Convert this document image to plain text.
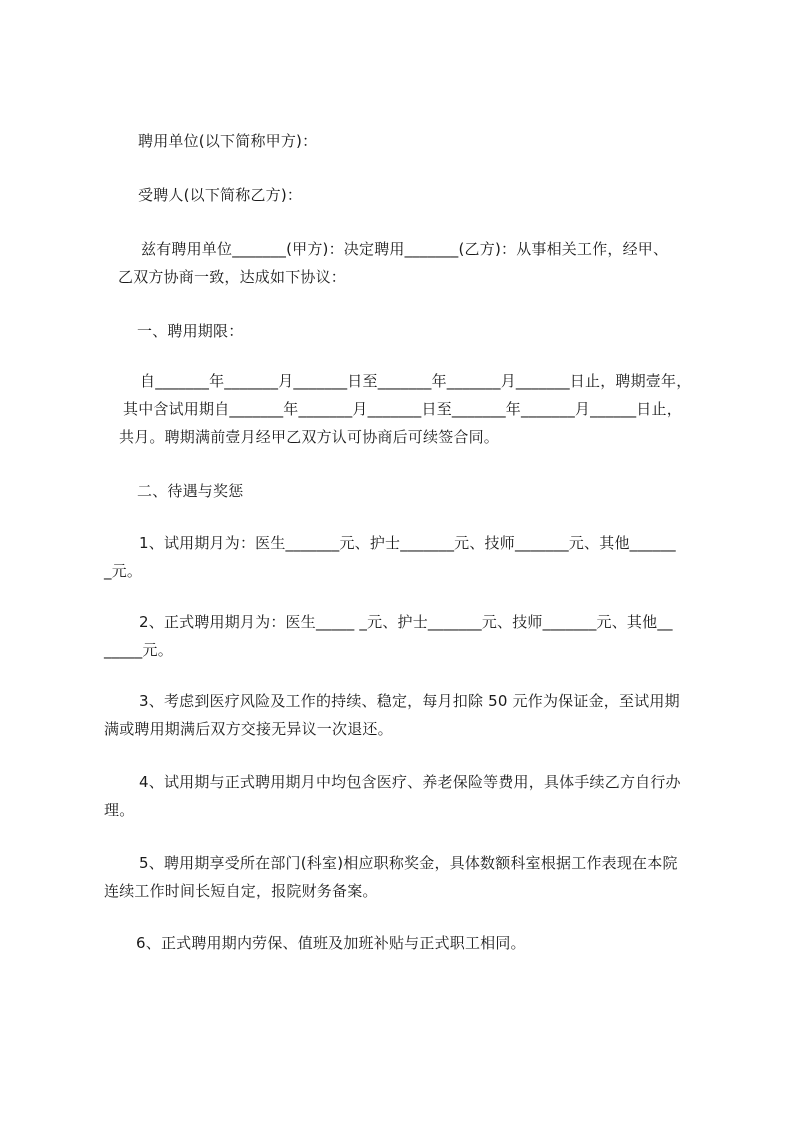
聘用单位(以下简称甲方)：
受聘人(以下简称乙方)：
兹有聘用单位_______(甲方)：决定聘用_______(乙方)：从事相关工作，经甲、
乙双方协商一致，达成如下协议：
一、聘用期限：
自_______年_______月_______日至_______年_______月_______日止，聘期壹年，
其中含试用期自_______年_______月_______日至_______年_______月______日止，
共月。聘期满前壹月经甲乙双方认可协商后可续签合同。
二、待遇与奖惩
1、试用期月为：医生_______元、护士_______元、技师_______元、其他______
_元。
2、正式聘用期月为：医生_____ _元、护士_______元、技师_______元、其他__
_____元。
3、考虑到医疗风险及工作的持续、稳定，每月扣除 50 元作为保证金，至试用期
满或聘用期满后双方交接无异议一次退还。
4、试用期与正式聘用期月中均包含医疗、养老保险等费用，具体手续乙方自行办
理。
5、聘用期享受所在部门(科室)相应职称奖金，具体数额科室根据工作表现在本院
连续工作时间长短自定，报院财务备案。
6、正式聘用期内劳保、值班及加班补贴与正式职工相同。
